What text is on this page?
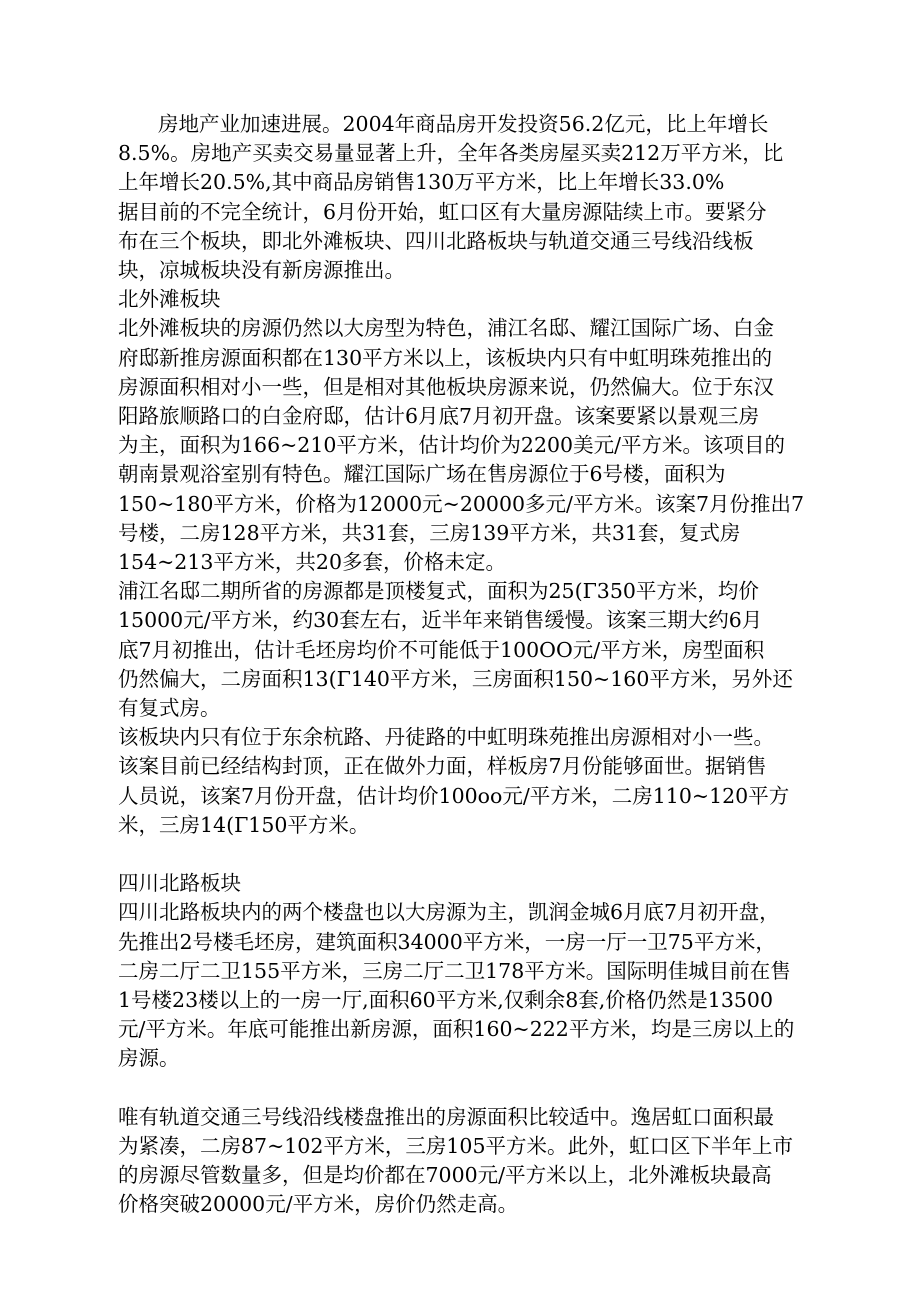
房地产业加速进展。2004年商品房开发投资56.2亿元，比上年增长

8.5%。房地产买卖交易量显著上升，全年各类房屋买卖212万平方米，比

上年增长20.5%,其中商品房销售130万平方米，比上年增长33.0%

据目前的不完全统计，6月份开始，虹口区有大量房源陆续上市。要紧分

布在三个板块，即北外滩板块、四川北路板块与轨道交通三号线沿线板

块，凉城板块没有新房源推出。

北外滩板块

北外滩板块的房源仍然以大房型为特色，浦江名邸、耀江国际广场、白金

府邸新推房源面积都在130平方米以上，该板块内只有中虹明珠苑推出的

房源面积相对小一些，但是相对其他板块房源来说，仍然偏大。位于东汉

阳路旅顺路口的白金府邸，估计6月底7月初开盘。该案要紧以景观三房

为主，面积为166~210平方米，估计均价为2200美元/平方米。该项目的

朝南景观浴室别有特色。耀江国际广场在售房源位于6号楼，面积为

150~180平方米，价格为12000元~20000多元/平方米。该案7月份推出7

号楼，二房128平方米，共31套，三房139平方米，共31套，复式房

154~213平方米，共20多套，价格未定。

浦江名邸二期所省的房源都是顶楼复式，面积为25(Γ350平方米，均价

15000元/平方米，约30套左右，近半年来销售缓慢。该案三期大约6月

底7月初推出，估计毛坯房均价不可能低于100OO元/平方米，房型面积

仍然偏大，二房面积13(Γ140平方米，三房面积150~160平方米，另外还

有复式房。

该板块内只有位于东余杭路、丹徒路的中虹明珠苑推出房源相对小一些。

该案目前已经结构封顶，正在做外力面，样板房7月份能够面世。据销售

人员说，该案7月份开盘，估计均价100oo元/平方米，二房110~120平方

米，三房14(Γ150平方米。

四川北路板块

四川北路板块内的两个楼盘也以大房源为主，凯润金城6月底7月初开盘，

先推出2号楼毛坯房，建筑面积34000平方米，一房一厅一卫75平方米，

二房二厅二卫155平方米，三房二厅二卫178平方米。国际明佳城目前在售

1号楼23楼以上的一房一厅,面积60平方米,仅剩余8套,价格仍然是13500

元/平方米。年底可能推出新房源，面积160~222平方米，均是三房以上的

房源。

唯有轨道交通三号线沿线楼盘推出的房源面积比较适中。逸居虹口面积最

为紧凑，二房87~102平方米，三房105平方米。此外，虹口区下半年上市

的房源尽管数量多，但是均价都在7000元/平方米以上，北外滩板块最高

价格突破20000元/平方米，房价仍然走高。
